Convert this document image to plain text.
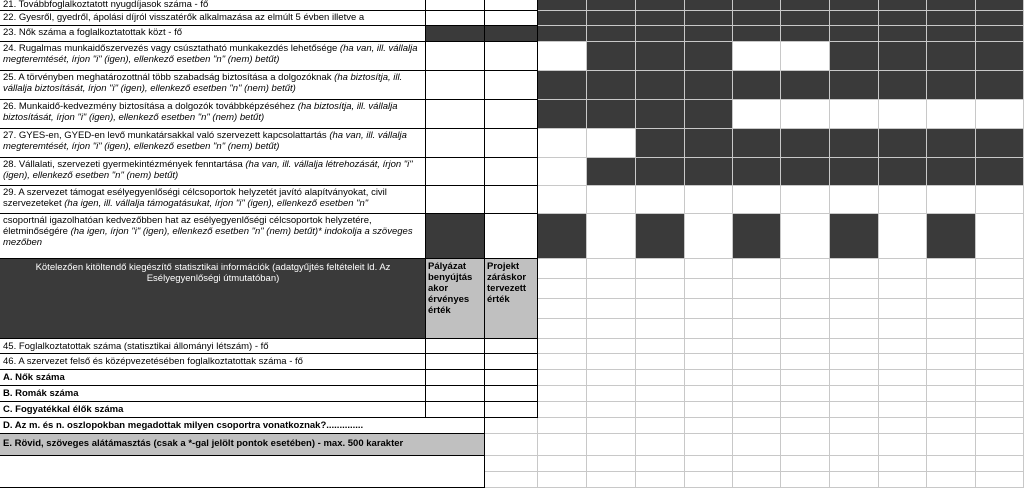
21. Továbbfoglalkoztatott nyugdíjasok száma - fő
22. Gyesről, gyedről, ápolási díjról visszatérők alkalmazása az elmúlt 5 évben illetve a
23. Nők száma a foglalkoztatottak közt - fő
24. Rugalmas munkaidőszervezés vagy csúsztatható munkakezdés lehetősége (ha van, ill. vállalja megteremtését, írjon "i" (igen), ellenkező esetben "n" (nem) betűt)
25. A törvényben meghatározottnál több szabadság biztosítása a dolgozóknak (ha biztosítja, ill. vállalja biztosítását, írjon "i" (igen), ellenkező esetben "n" (nem) betűt)
26. Munkaidő-kedvezmény biztosítása a dolgozók továbbképzéséhez (ha biztosítja, ill. vállalja biztosítását, írjon "i" (igen), ellenkező esetben "n" (nem) betűt)
27. GYES-en, GYED-en levő munkatársakkal való szervezett kapcsolattartás (ha van, ill. vállalja megteremtését, írjon "i" (igen), ellenkező esetben "n" (nem) betűt)
28. Vállalati, szervezeti gyermekintézmények fenntartása (ha van, ill. vállalja létrehozását, írjon "i" (igen), ellenkező esetben "n" (nem) betűt)
29. A szervezet támogat esélyegyenlőségi célcsoportok helyzetét javító alapítványokat, civil szervezeteket (ha igen, ill. vállalja támogatásukat, írjon "i" (igen), ellenkező esetben "n"
csoportnál igazolhatóan kedvezőbben hat az esélyegyenlőségi célcsoportok helyzetére, életminőségére (ha igen, írjon "i" (igen), ellenkező esetben "n" (nem) betűt)* indokolja a szöveges mezőben
Kötelezően kitöltendő kiegészítő statisztikai információk (adatgyűjtés feltételeit ld. Az Esélyegyenlőségi útmutatóban)
Pályázat benyújtás akor érvényes érték
Projekt záráskor tervezett érték
45. Foglalkoztatottak száma (statisztikai állományi létszám) - fő
46. A szervezet felső és középvezetésében foglalkoztatottak száma - fő
A. Nők száma
B. Romák száma
C. Fogyatékkal élők száma
D. Az m. és n. oszlopokban megadottak milyen csoportra vonatkoznak?..............
E. Rövid, szöveges alátámasztás (csak a *-gal jelölt pontok esetében) - max. 500 karakter
